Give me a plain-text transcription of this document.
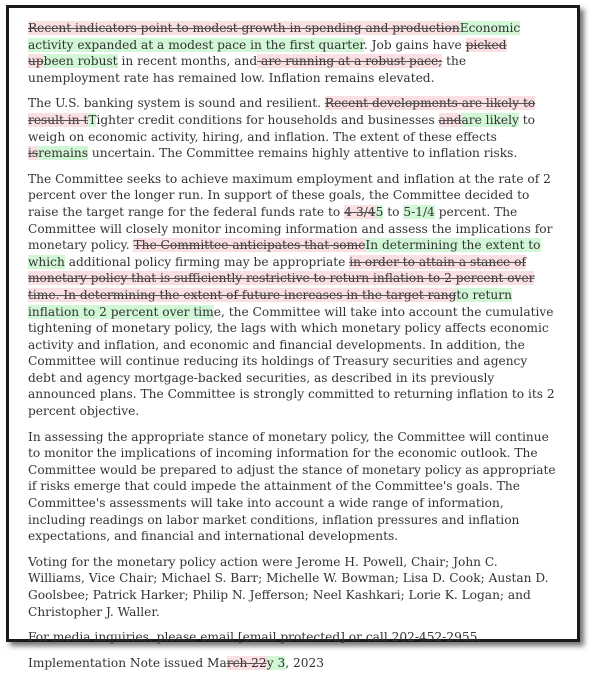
Recent indicators point to modest growth in spending and productionEconomic activity expanded at a modest pace in the first quarter. Job gains have picked upbeen robust in recent months, and are running at a robust pace; the unemployment rate has remained low. Inflation remains elevated.

The U.S. banking system is sound and resilient. Recent developments are likely to result in tTighter credit conditions for households and businesses andare likely to weigh on economic activity, hiring, and inflation. The extent of these effects isremains uncertain. The Committee remains highly attentive to inflation risks.

The Committee seeks to achieve maximum employment and inflation at the rate of 2 percent over the longer run. In support of these goals, the Committee decided to raise the target range for the federal funds rate to 4-3/45 to 5-1/4 percent. The Committee will closely monitor incoming information and assess the implications for monetary policy. The Committee anticipates that someIn determining the extent to which additional policy firming may be appropriate in order to attain a stance of monetary policy that is sufficiently restrictive to return inflation to 2 percent over time. In determining the extent of future increases in the target rangto return inflation to 2 percent over time, the Committee will take into account the cumulative tightening of monetary policy, the lags with which monetary policy affects economic activity and inflation, and economic and financial developments. In addition, the Committee will continue reducing its holdings of Treasury securities and agency debt and agency mortgage-backed securities, as described in its previously announced plans. The Committee is strongly committed to returning inflation to its 2 percent objective.

In assessing the appropriate stance of monetary policy, the Committee will continue to monitor the implications of incoming information for the economic outlook. The Committee would be prepared to adjust the stance of monetary policy as appropriate if risks emerge that could impede the attainment of the Committee's goals. The Committee's assessments will take into account a wide range of information, including readings on labor market conditions, inflation pressures and inflation expectations, and financial and international developments.

Voting for the monetary policy action were Jerome H. Powell, Chair; John C. Williams, Vice Chair; Michael S. Barr; Michelle W. Bowman; Lisa D. Cook; Austan D. Goolsbee; Patrick Harker; Philip N. Jefferson; Neel Kashkari; Lorie K. Logan; and Christopher J. Waller.

For media inquiries, please email [email protected] or call 202-452-2955.

Implementation Note issued March 22y 3, 2023
